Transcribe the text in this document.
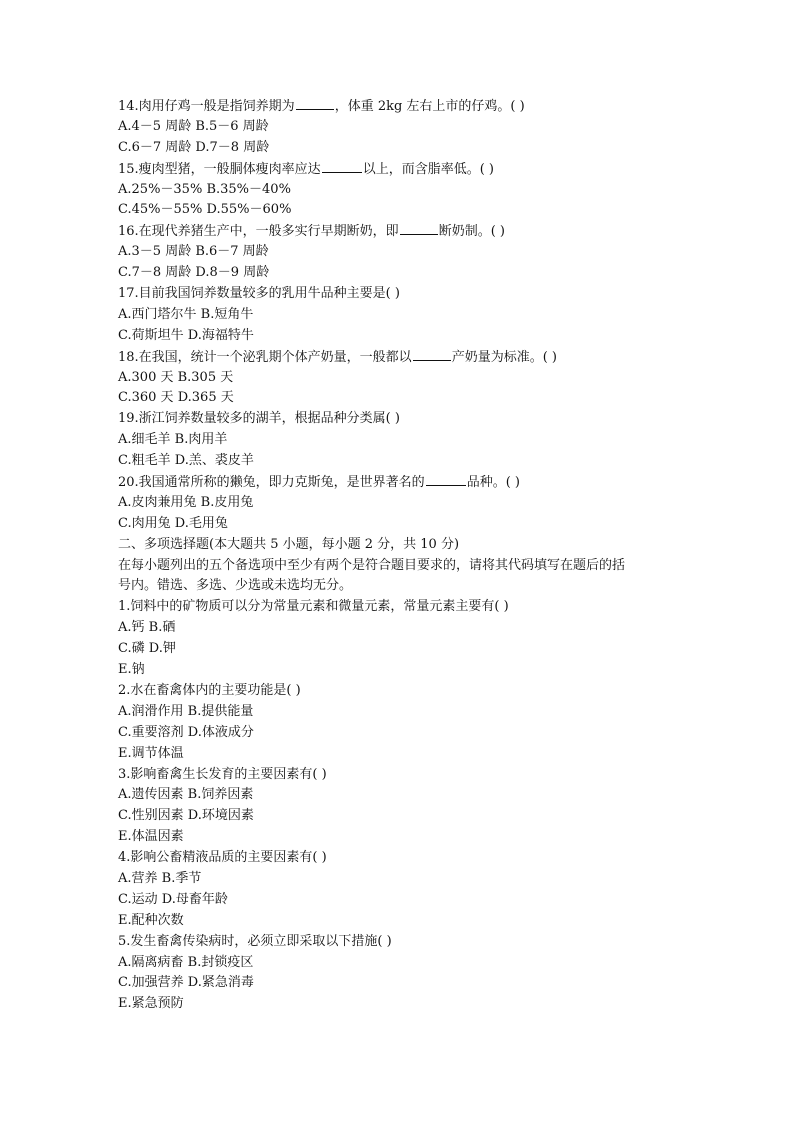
14.肉用仔鸡一般是指饲养期为	，体重 2kg 左右上市的仔鸡。( )
A.4－5 周龄 B.5－6 周龄
C.6－7 周龄 D.7－8 周龄
15.瘦肉型猪，一般胴体瘦肉率应达	以上，而含脂率低。( )
A.25%－35% B.35%－40%
C.45%－55% D.55%－60%
16.在现代养猪生产中，一般多实行早期断奶，即	断奶制。( )
A.3－5 周龄 B.6－7 周龄
C.7－8 周龄 D.8－9 周龄
17.目前我国饲养数量较多的乳用牛品种主要是( )
A.西门塔尔牛 B.短角牛
C.荷斯坦牛 D.海福特牛
18.在我国，统计一个泌乳期个体产奶量，一般都以	产奶量为标准。( )
A.300 天 B.305 天
C.360 天 D.365 天
19.浙江饲养数量较多的湖羊，根据品种分类属( )
A.细毛羊 B.肉用羊
C.粗毛羊 D.羔、裘皮羊
20.我国通常所称的獭兔，即力克斯兔，是世界著名的	品种。( )
A.皮肉兼用兔 B.皮用兔
C.肉用兔 D.毛用兔
二、多项选择题(本大题共 5 小题，每小题 2 分，共 10 分)
在每小题列出的五个备选项中至少有两个是符合题目要求的，请将其代码填写在题后的括
号内。错选、多选、少选或未选均无分。
1.饲料中的矿物质可以分为常量元素和微量元素，常量元素主要有( )
A.钙 B.硒
C.磷 D.钾
E.钠
2.水在畜禽体内的主要功能是( )
A.润滑作用 B.提供能量
C.重要溶剂 D.体液成分
E.调节体温
3.影响畜禽生长发育的主要因素有( )
A.遗传因素 B.饲养因素
C.性别因素 D.环境因素
E.体温因素
4.影响公畜精液品质的主要因素有( )
A.营养 B.季节
C.运动 D.母畜年龄
E.配种次数
5.发生畜禽传染病时，必须立即采取以下措施( )
A.隔离病畜 B.封锁疫区
C.加强营养 D.紧急消毒
E.紧急预防
